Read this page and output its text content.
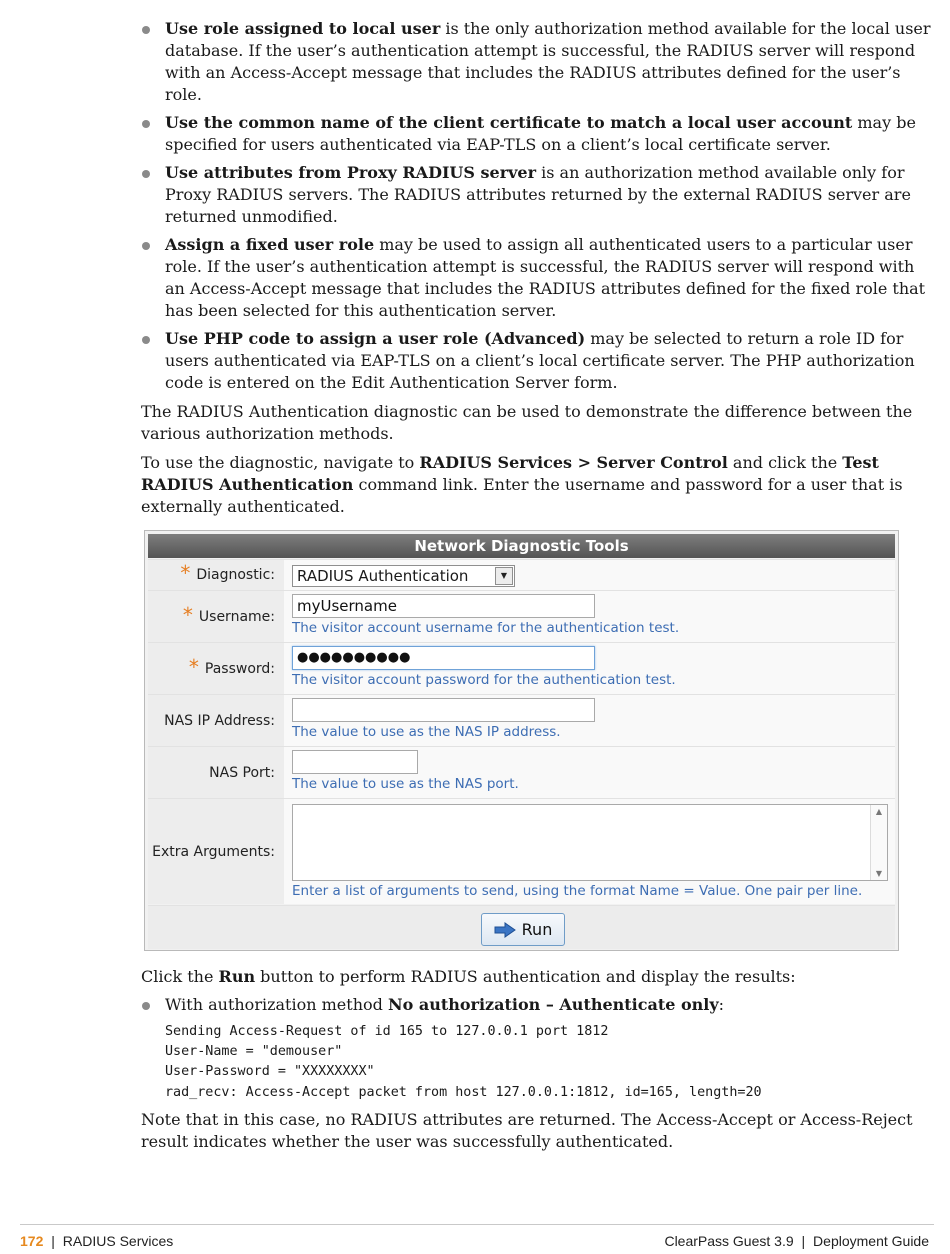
Use role assigned to local user is the only authorization method available for the local user database. If the user’s authentication attempt is successful, the RADIUS server will respond with an Access-Accept message that includes the RADIUS attributes defined for the user’s role.
Use the common name of the client certificate to match a local user account may be specified for users authenticated via EAP-TLS on a client’s local certificate server.
Use attributes from Proxy RADIUS server is an authorization method available only for Proxy RADIUS servers. The RADIUS attributes returned by the external RADIUS server are returned unmodified.
Assign a fixed user role may be used to assign all authenticated users to a particular user role. If the user’s authentication attempt is successful, the RADIUS server will respond with an Access-Accept message that includes the RADIUS attributes defined for the fixed role that has been selected for this authentication server.
Use PHP code to assign a user role (Advanced) may be selected to return a role ID for users authenticated via EAP-TLS on a client’s local certificate server. The PHP authorization code is entered on the Edit Authentication Server form.

The RADIUS Authentication diagnostic can be used to demonstrate the difference between the various authorization methods.

To use the diagnostic, navigate to RADIUS Services > Server Control and click the Test RADIUS Authentication command link. Enter the username and password for a user that is externally authenticated.

Network Diagnostic Tools
* Diagnostic:	RADIUS Authentication	▼
* Username:
myUsername
The visitor account username for the authentication test.
* Password:
●●●●●●●●●●
The visitor account password for the authentication test.
NAS IP Address:
The value to use as the NAS IP address.
NAS Port:
The value to use as the NAS port.
Extra Arguments:
▲
▼
Enter a list of arguments to send, using the format Name = Value. One pair per line.
Run

Click the Run button to perform RADIUS authentication and display the results:

With authorization method No authorization – Authenticate only:
Sending Access-Request of id 165 to 127.0.0.1 port 1812
User-Name = "demouser"
User-Password = "XXXXXXXX"
rad_recv: Access-Accept packet from host 127.0.0.1:1812, id=165, length=20

Note that in this case, no RADIUS attributes are returned. The Access-Accept or Access-Reject result indicates whether the user was successfully authenticated.

172 | RADIUS Services	ClearPass Guest 3.9 | Deployment Guide
